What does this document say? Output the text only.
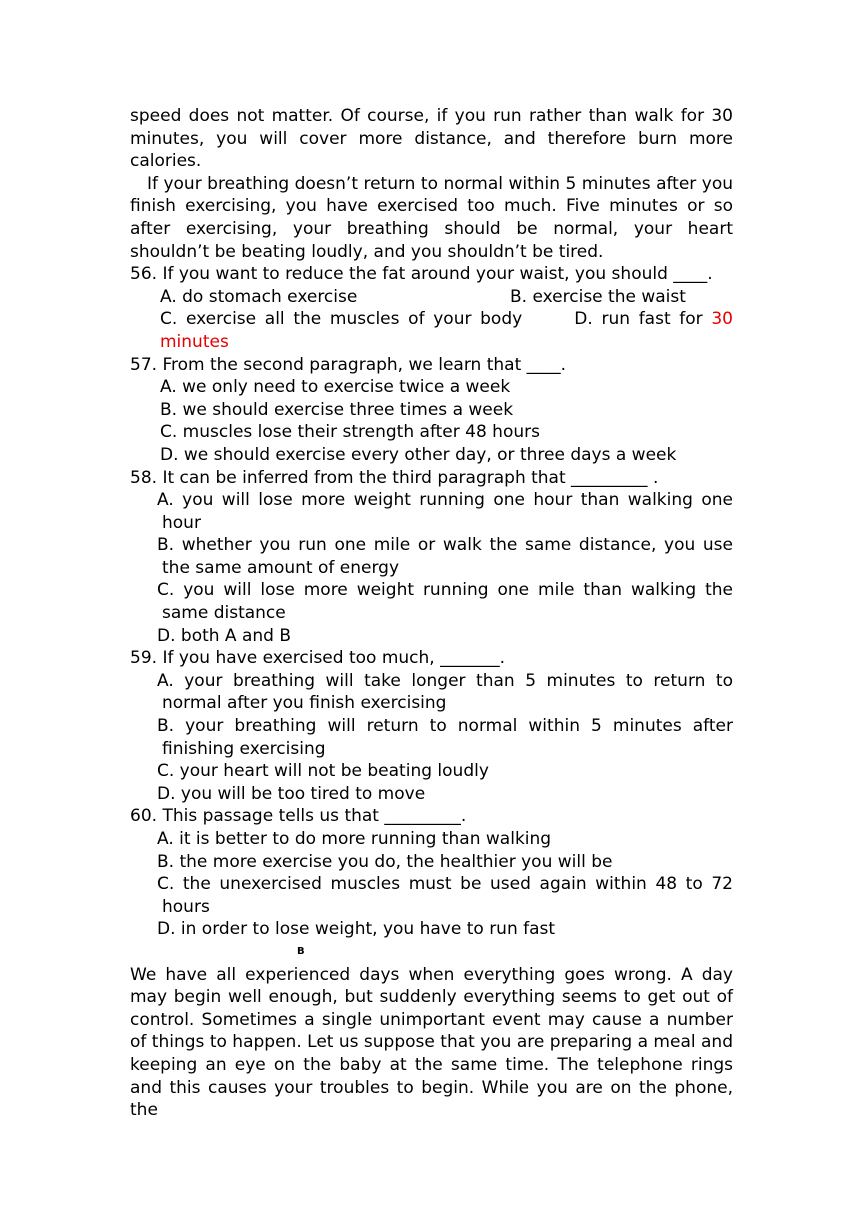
speed does not matter. Of course, if you run rather than walk for 30 minutes, you will cover more distance, and therefore burn more calories.

If your breathing doesn’t return to normal within 5 minutes after you finish exercising, you have exercised too much. Five minutes or so after exercising, your breathing should be normal, your heart shouldn’t be beating loudly, and you shouldn’t be tired.

56. If you want to reduce the fat around your waist, you should ____.

A. do stomach exercise	B. exercise the waist

C. exercise all the muscles of your body	D. run fast for 30 minutes

57. From the second paragraph, we learn that ____.

A. we only need to exercise twice a week

B. we should exercise three times a week

C. muscles lose their strength after 48 hours

D. we should exercise every other day, or three days a week

58. It can be inferred from the third paragraph that _________ .

A. you will lose more weight running one hour than walking one hour

B. whether you run one mile or walk the same distance, you use the same amount of energy

C. you will lose more weight running one mile than walking the same distance

D. both A and B

59. If you have exercised too much, _______.

A. your breathing will take longer than 5 minutes to return to normal after you finish exercising

B. your breathing will return to normal within 5 minutes after finishing exercising

C. your heart will not be beating loudly

D. you will be too tired to move

60. This passage tells us that _________.

A. it is better to do more running than walking

B. the more exercise you do, the healthier you will be

C. the unexercised muscles must be used again within 48 to 72 hours

D. in order to lose weight, you have to run fast

B

We have all experienced days when everything goes wrong. A day may begin well enough, but suddenly everything seems to get out of control. Sometimes a single unimportant event may cause a number of things to happen. Let us suppose that you are preparing a meal and keeping an eye on the baby at the same time. The telephone rings and this causes your troubles to begin. While you are on the phone, the
